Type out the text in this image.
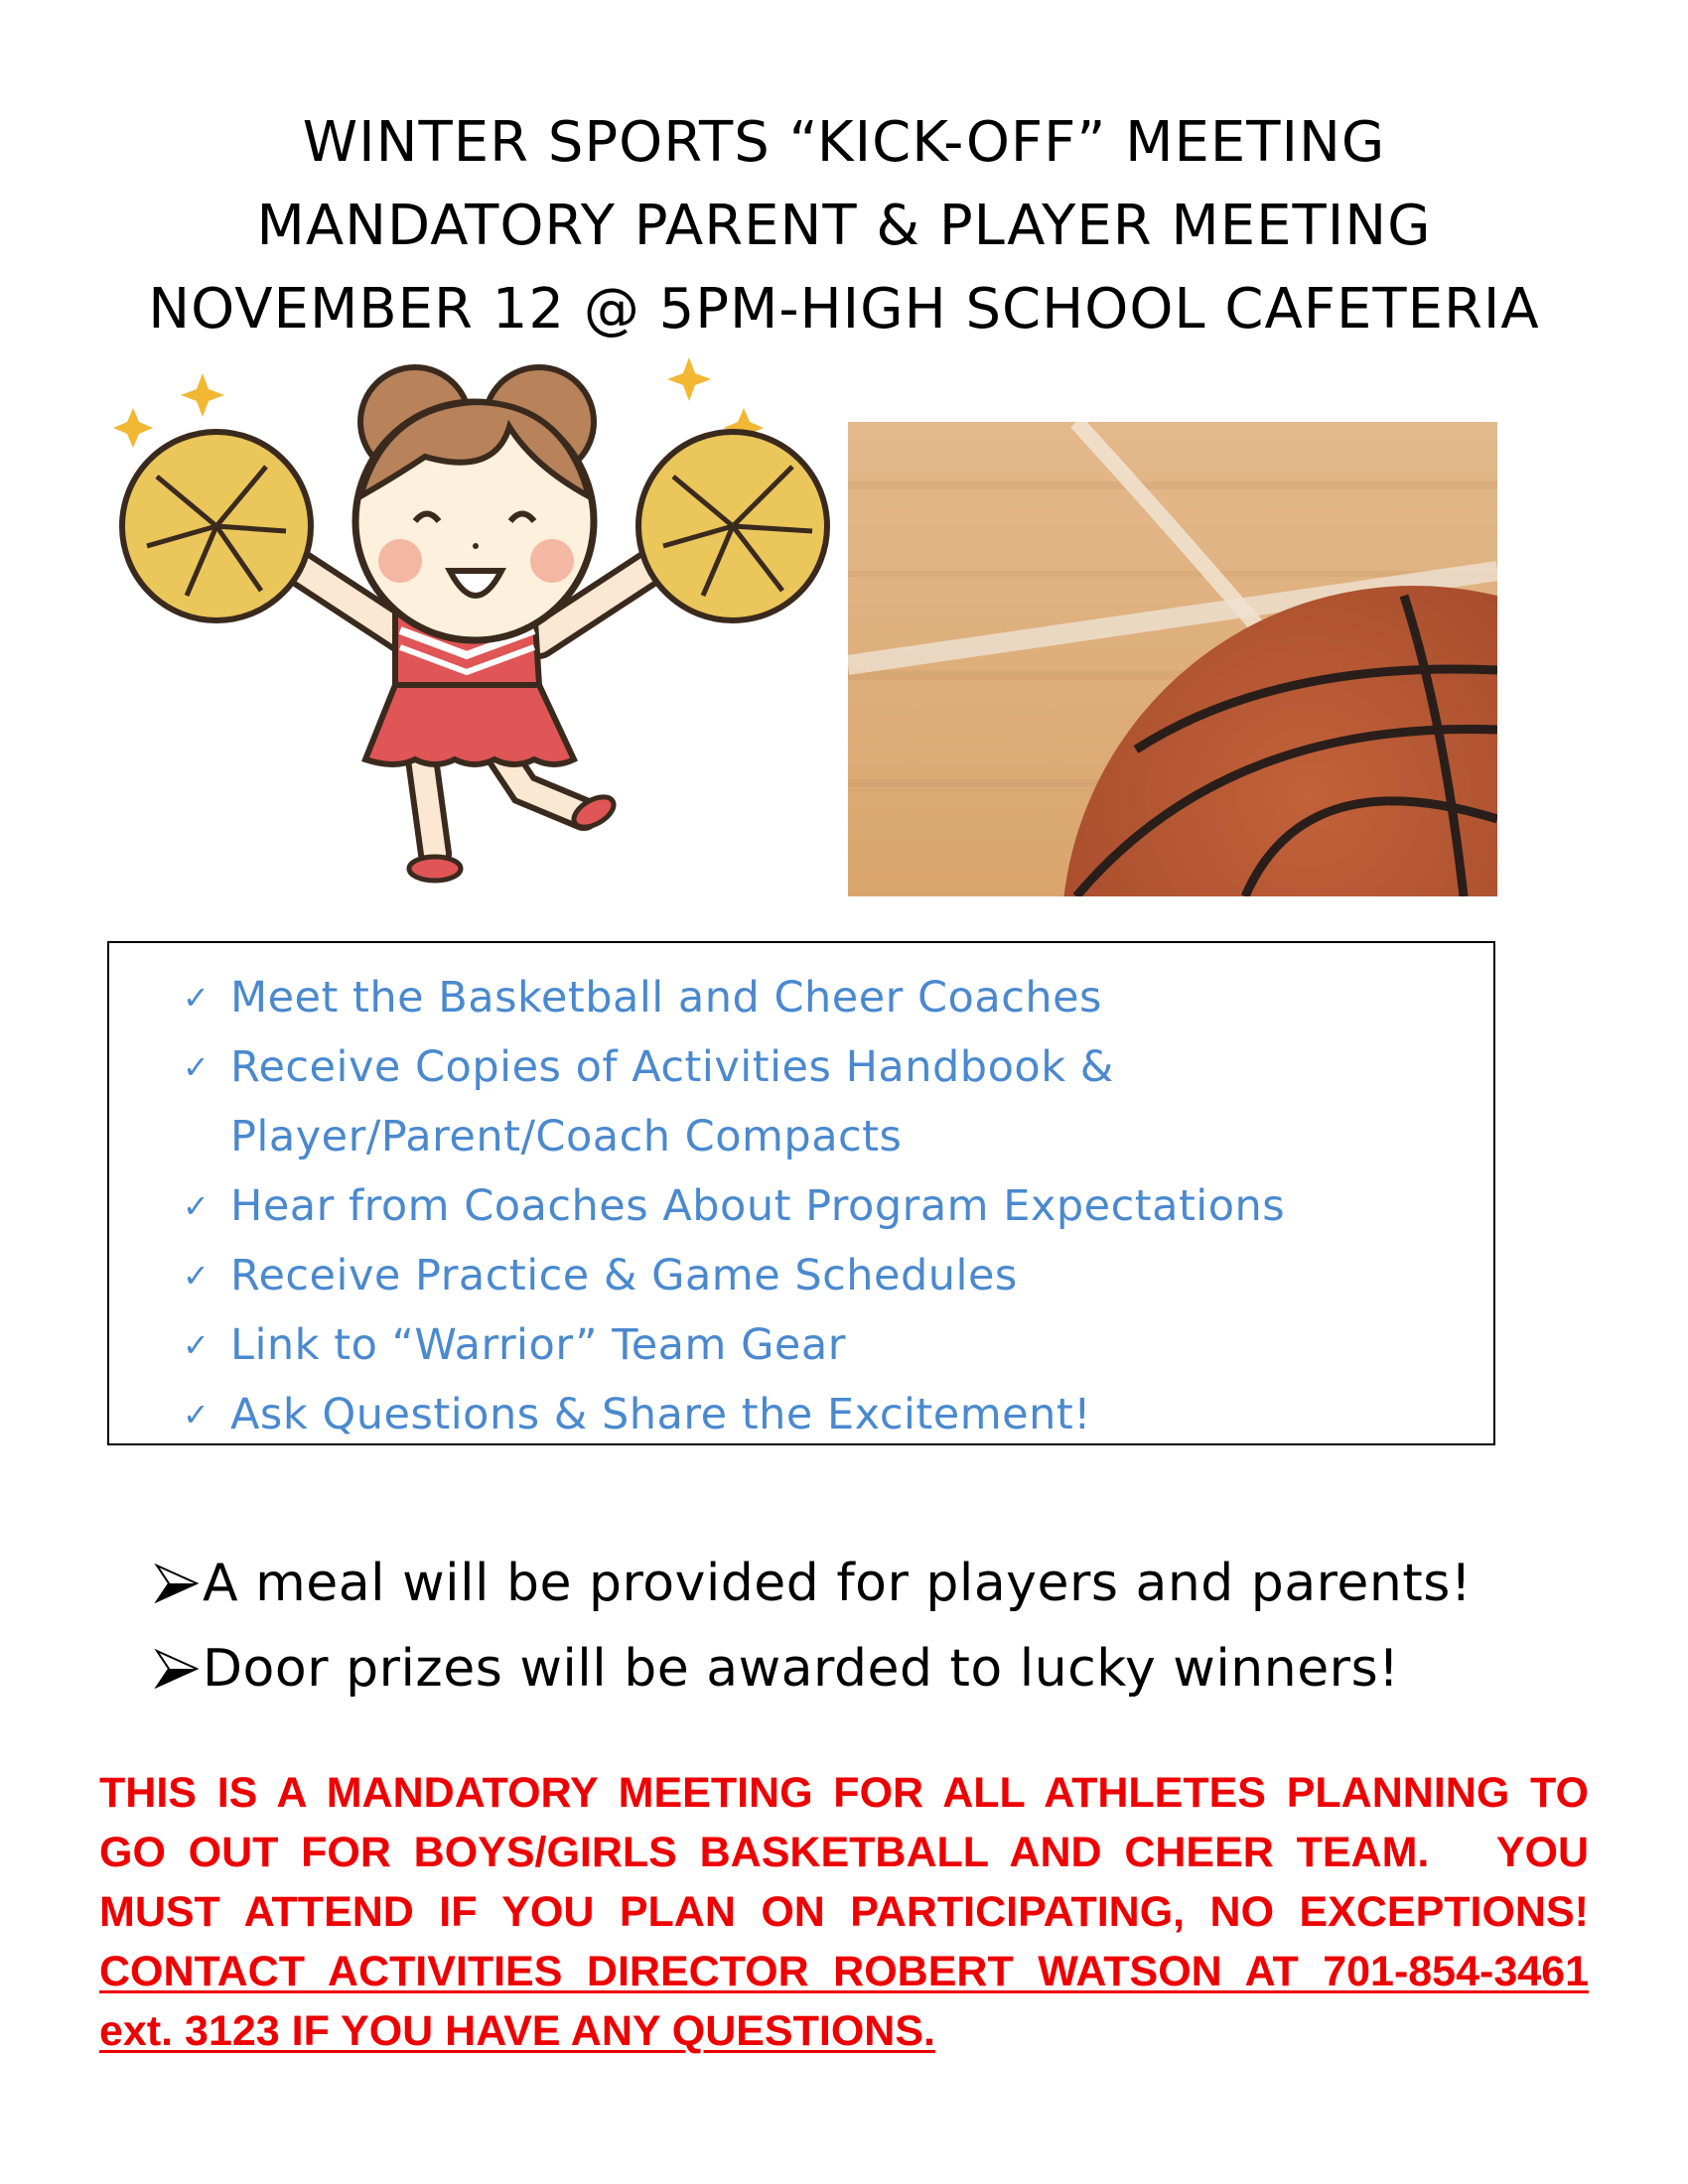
WINTER SPORTS “KICK-OFF” MEETING
MANDATORY PARENT & PLAYER MEETING
NOVEMBER 12 @ 5PM-HIGH SCHOOL CAFETERIA
✓ Meet the Basketball and Cheer Coaches
✓ Receive Copies of Activities Handbook &
Player/Parent/Coach Compacts
✓ Hear from Coaches About Program Expectations
✓ Receive Practice & Game Schedules
✓ Link to “Warrior” Team Gear
✓ Ask Questions & Share the Excitement!
A meal will be provided for players and parents!
Door prizes will be awarded to lucky winners!
THIS IS A MANDATORY MEETING FOR ALL ATHLETES PLANNING TO
GO OUT FOR BOYS/GIRLS BASKETBALL AND CHEER TEAM.   YOU
MUST ATTEND IF YOU PLAN ON PARTICIPATING, NO EXCEPTIONS!
CONTACT ACTIVITIES DIRECTOR ROBERT WATSON AT 701-854-3461
ext. 3123 IF YOU HAVE ANY QUESTIONS.
